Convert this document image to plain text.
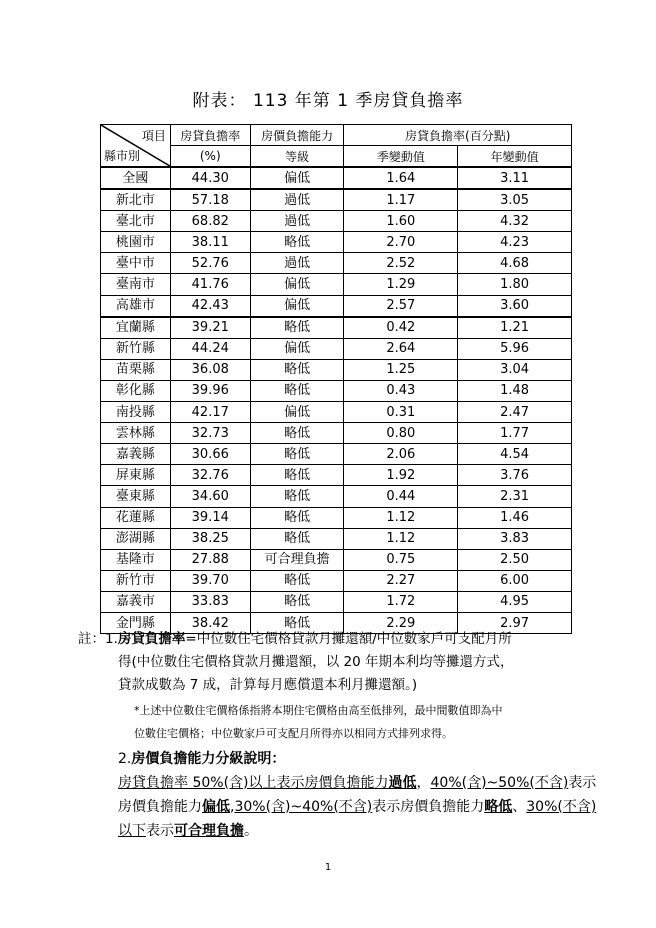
附表： 113 年第 1 季房貸負擔率
項目
縣市別	房貸負擔率	房價負擔能力	房貸負擔率(百分點)	
	(%)	等級	季變動值	年變動值
全國	44.30	偏低	1.64	3.11
新北市	57.18	過低	1.17	3.05
臺北市	68.82	過低	1.60	4.32
桃園市	38.11	略低	2.70	4.23
臺中市	52.76	過低	2.52	4.68
臺南市	41.76	偏低	1.29	1.80
高雄市	42.43	偏低	2.57	3.60
宜蘭縣	39.21	略低	0.42	1.21
新竹縣	44.24	偏低	2.64	5.96
苗栗縣	36.08	略低	1.25	3.04
彰化縣	39.96	略低	0.43	1.48
南投縣	42.17	偏低	0.31	2.47
雲林縣	32.73	略低	0.80	1.77
嘉義縣	30.66	略低	2.06	4.54
屏東縣	32.76	略低	1.92	3.76
臺東縣	34.60	略低	0.44	2.31
花蓮縣	39.14	略低	1.12	1.46
澎湖縣	38.25	略低	1.12	3.83
基隆市	27.88	可合理負擔	0.75	2.50
新竹市	39.70	略低	2.27	6.00
嘉義市	33.83	略低	1.72	4.95
金門縣	38.42	略低	2.29	2.97
註：1.房貸負擔率=中位數住宅價格貸款月攤還額/中位數家戶可支配月所
得(中位數住宅價格貸款月攤還額，以 20 年期本利均等攤還方式，
貸款成數為 7 成，計算每月應償還本利月攤還額。)
*上述中位數住宅價格係指將本期住宅價格由高至低排列，最中間數值即為中
位數住宅價格；中位數家戶可支配月所得亦以相同方式排列求得。
2.房價負擔能力分級說明：
房貸負擔率 50%(含)以上表示房價負擔能力過低，40%(含)~50%(不含)表示房價負擔能力偏低,30%(含)~40%(不含)表示房價負擔能力略低、30%(不含)以下表示可合理負擔。
1
